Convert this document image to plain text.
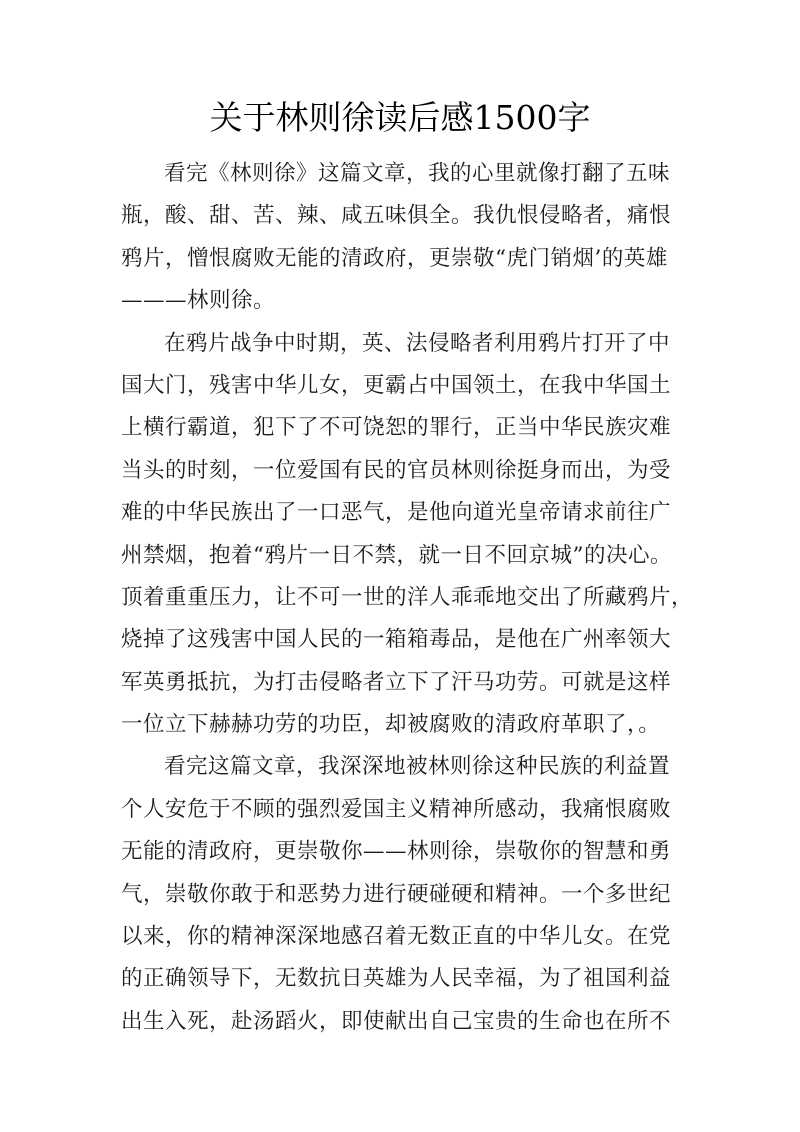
关于林则徐读后感1500字
看完《林则徐》这篇文章，我的心里就像打翻了五味
瓶，酸、甜、苦、辣、咸五味俱全。我仇恨侵略者，痛恨
鸦片，憎恨腐败无能的清政府，更崇敬“虎门销烟’的英雄
———林则徐。
在鸦片战争中时期，英、法侵略者利用鸦片打开了中
国大门，残害中华儿女，更霸占中国领土，在我中华国土
上横行霸道，犯下了不可饶恕的罪行，正当中华民族灾难
当头的时刻，一位爱国有民的官员林则徐挺身而出，为受
难的中华民族出了一口恶气，是他向道光皇帝请求前往广
州禁烟，抱着“鸦片一日不禁，就一日不回京城”的决心。
顶着重重压力，让不可一世的洋人乖乖地交出了所藏鸦片，
烧掉了这残害中国人民的一箱箱毒品，是他在广州率领大
军英勇抵抗，为打击侵略者立下了汗马功劳。可就是这样
一位立下赫赫功劳的功臣，却被腐败的清政府革职了，。
看完这篇文章，我深深地被林则徐这种民族的利益置
个人安危于不顾的强烈爱国主义精神所感动，我痛恨腐败
无能的清政府，更崇敬你——林则徐，崇敬你的智慧和勇
气，崇敬你敢于和恶势力进行硬碰硬和精神。一个多世纪
以来，你的精神深深地感召着无数正直的中华儿女。在党
的正确领导下，无数抗日英雄为人民幸福，为了祖国利益
出生入死，赴汤蹈火，即使献出自己宝贵的生命也在所不
